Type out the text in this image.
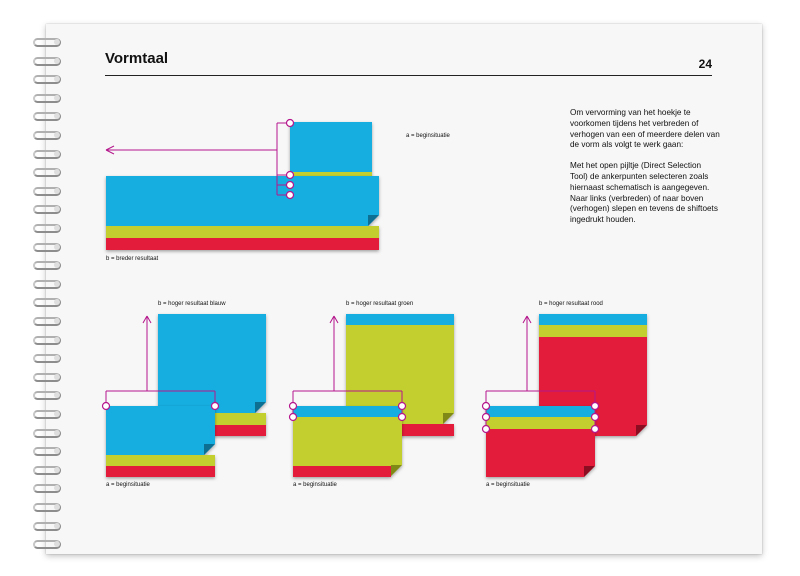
Vormtaal	24

Om vervorming van het hoekje te voorkomen tijdens het verbreden of verhogen van een of meerdere delen van de vorm als volgt te werk gaan:

Met het open pijltje (Direct Selection Tool) de ankerpunten selecteren zoals hiernaast schematisch is aangegeven. Naar links (verbreden) of naar boven (verhogen) slepen en tevens de shiftoets ingedrukt houden.

a = beginsituatie
b = breder resultaat
b = hoger resultaat blauw	b = hoger resultaat groen	b = hoger resultaat rood
a = beginsituatie	a = beginsituatie	a = beginsituatie
